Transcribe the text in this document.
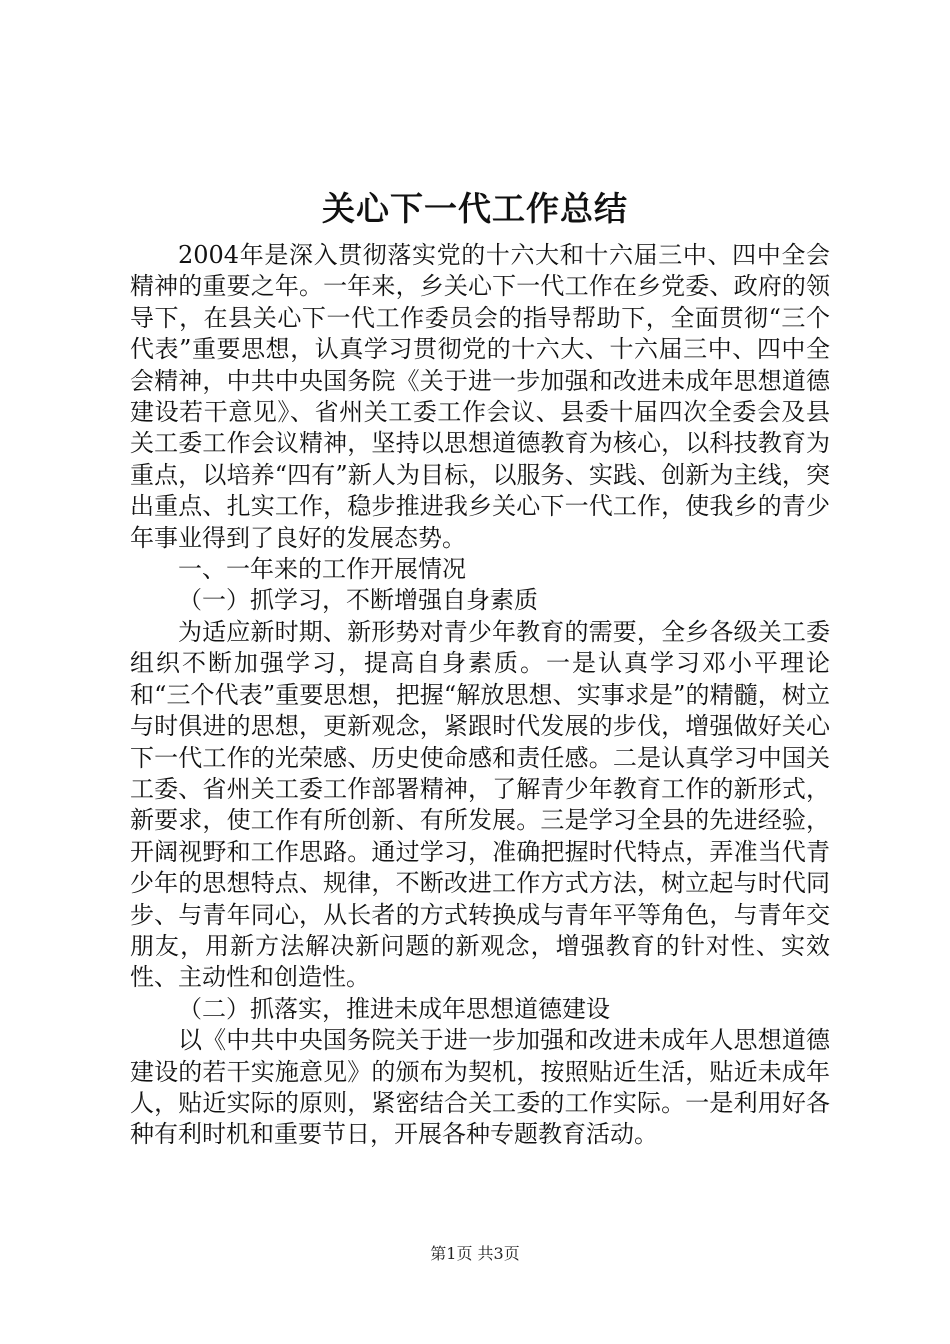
关心下一代工作总结

2004年是深入贯彻落实党的十六大和十六届三中、四中全会精神的重要之年。一年来，乡关心下一代工作在乡党委、政府的领导下，在县关心下一代工作委员会的指导帮助下，全面贯彻“三个代表”重要思想，认真学习贯彻党的十六大、十六届三中、四中全会精神，中共中央国务院《关于进一步加强和改进未成年思想道德建设若干意见》、省州关工委工作会议、县委十届四次全委会及县关工委工作会议精神，坚持以思想道德教育为核心，以科技教育为重点，以培养“四有”新人为目标，以服务、实践、创新为主线，突出重点、扎实工作，稳步推进我乡关心下一代工作，使我乡的青少年事业得到了良好的发展态势。

一、一年来的工作开展情况

（一）抓学习，不断增强自身素质

为适应新时期、新形势对青少年教育的需要，全乡各级关工委组织不断加强学习，提高自身素质。一是认真学习邓小平理论和“三个代表”重要思想，把握“解放思想、实事求是”的精髓，树立与时俱进的思想，更新观念，紧跟时代发展的步伐，增强做好关心下一代工作的光荣感、历史使命感和责任感。二是认真学习中国关工委、省州关工委工作部署精神，了解青少年教育工作的新形式，新要求，使工作有所创新、有所发展。三是学习全县的先进经验，开阔视野和工作思路。通过学习，准确把握时代特点，弄准当代青少年的思想特点、规律，不断改进工作方式方法，树立起与时代同步、与青年同心，从长者的方式转换成与青年平等角色，与青年交朋友，用新方法解决新问题的新观念，增强教育的针对性、实效性、主动性和创造性。

（二）抓落实，推进未成年思想道德建设

以《中共中央国务院关于进一步加强和改进未成年人思想道德建设的若干实施意见》的颁布为契机，按照贴近生活，贴近未成年人，贴近实际的原则，紧密结合关工委的工作实际。一是利用好各种有利时机和重要节日，开展各种专题教育活动。

第1页 共3页
